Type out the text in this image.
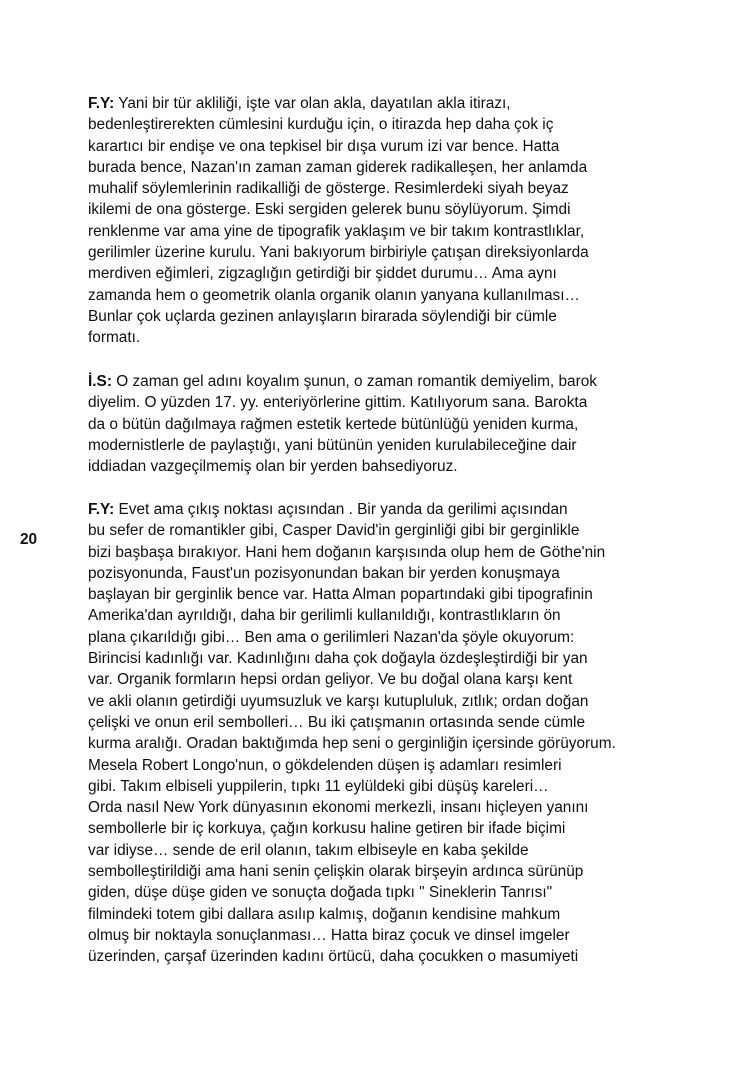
20
F.Y: Yani bir tür akliliği, işte var olan akla, dayatılan akla itirazı,
bedenleştirerekten cümlesini kurduğu için, o itirazda hep daha çok iç
karartıcı bir endişe ve ona tepkisel bir dışa vurum izi var bence. Hatta
burada bence, Nazan'ın zaman zaman giderek radikalleşen, her anlamda
muhalif söylemlerinin radikalliği de gösterge. Resimlerdeki siyah beyaz
ikilemi de ona gösterge. Eski sergiden gelerek bunu söylüyorum. Şimdi
renklenme var ama yine de tipografik yaklaşım ve bir takım kontrastlıklar,
gerilimler üzerine kurulu. Yani bakıyorum birbiriyle çatışan direksiyonlarda
merdiven eğimleri, zigzaglığın getirdiği bir şiddet durumu… Ama aynı
zamanda hem o geometrik olanla organik olanın yanyana kullanılması…
Bunlar çok uçlarda gezinen anlayışların birarada söylendiği bir cümle
formatı.
İ.S: O zaman gel adını koyalım şunun, o zaman romantik demiyelim, barok
diyelim. O yüzden 17. yy. enteriyörlerine gittim. Katılıyorum sana. Barokta
da o bütün dağılmaya rağmen estetik kertede bütünlüğü yeniden kurma,
modernistlerle de paylaştığı, yani bütünün yeniden kurulabileceğine dair
iddiadan vazgeçilmemiş olan bir yerden bahsediyoruz.
F.Y: Evet ama çıkış noktası açısından . Bir yanda da gerilimi açısından
bu sefer de romantikler gibi, Casper David'in gerginliği gibi bir gerginlikle
bizi başbaşa bırakıyor. Hani hem doğanın karşısında olup hem de Göthe'nin
pozisyonunda, Faust'un pozisyonundan bakan bir yerden konuşmaya
başlayan bir gerginlik bence var. Hatta Alman popartındaki gibi tipografinin
Amerika'dan ayrıldığı, daha bir gerilimli kullanıldığı, kontrastlıkların ön
plana çıkarıldığı gibi… Ben ama o gerilimleri Nazan'da şöyle okuyorum:
Birincisi kadınlığı var. Kadınlığını daha çok doğayla özdeşleştirdiği bir yan
var. Organik formların hepsi ordan geliyor. Ve bu doğal olana karşı kent
ve akli olanın getirdiği uyumsuzluk ve karşı kutupluluk, zıtlık; ordan doğan
çelişki ve onun eril sembolleri… Bu iki çatışmanın ortasında sende cümle
kurma aralığı. Oradan baktığımda hep seni o gerginliğin içersinde görüyorum.
Mesela Robert Longo'nun, o gökdelenden düşen iş adamları resimleri
gibi. Takım elbiseli yuppilerin, tıpkı 11 eylüldeki gibi düşüş kareleri…
Orda nasıl New York dünyasının ekonomi merkezli, insanı hiçleyen yanını
sembollerle bir iç korkuya, çağın korkusu haline getiren bir ifade biçimi
var idiyse… sende de eril olanın, takım elbiseyle en kaba şekilde
sembolleştirildiği ama hani senin çelişkin olarak birşeyin ardınca sürünüp
giden, düşe düşe giden ve sonuçta doğada tıpkı " Sineklerin Tanrısı"
filmindeki totem gibi dallara asılıp kalmış, doğanın kendisine mahkum
olmuş bir noktayla sonuçlanması… Hatta biraz çocuk ve dinsel imgeler
üzerinden, çarşaf üzerinden kadını örtücü, daha çocukken o masumiyeti
